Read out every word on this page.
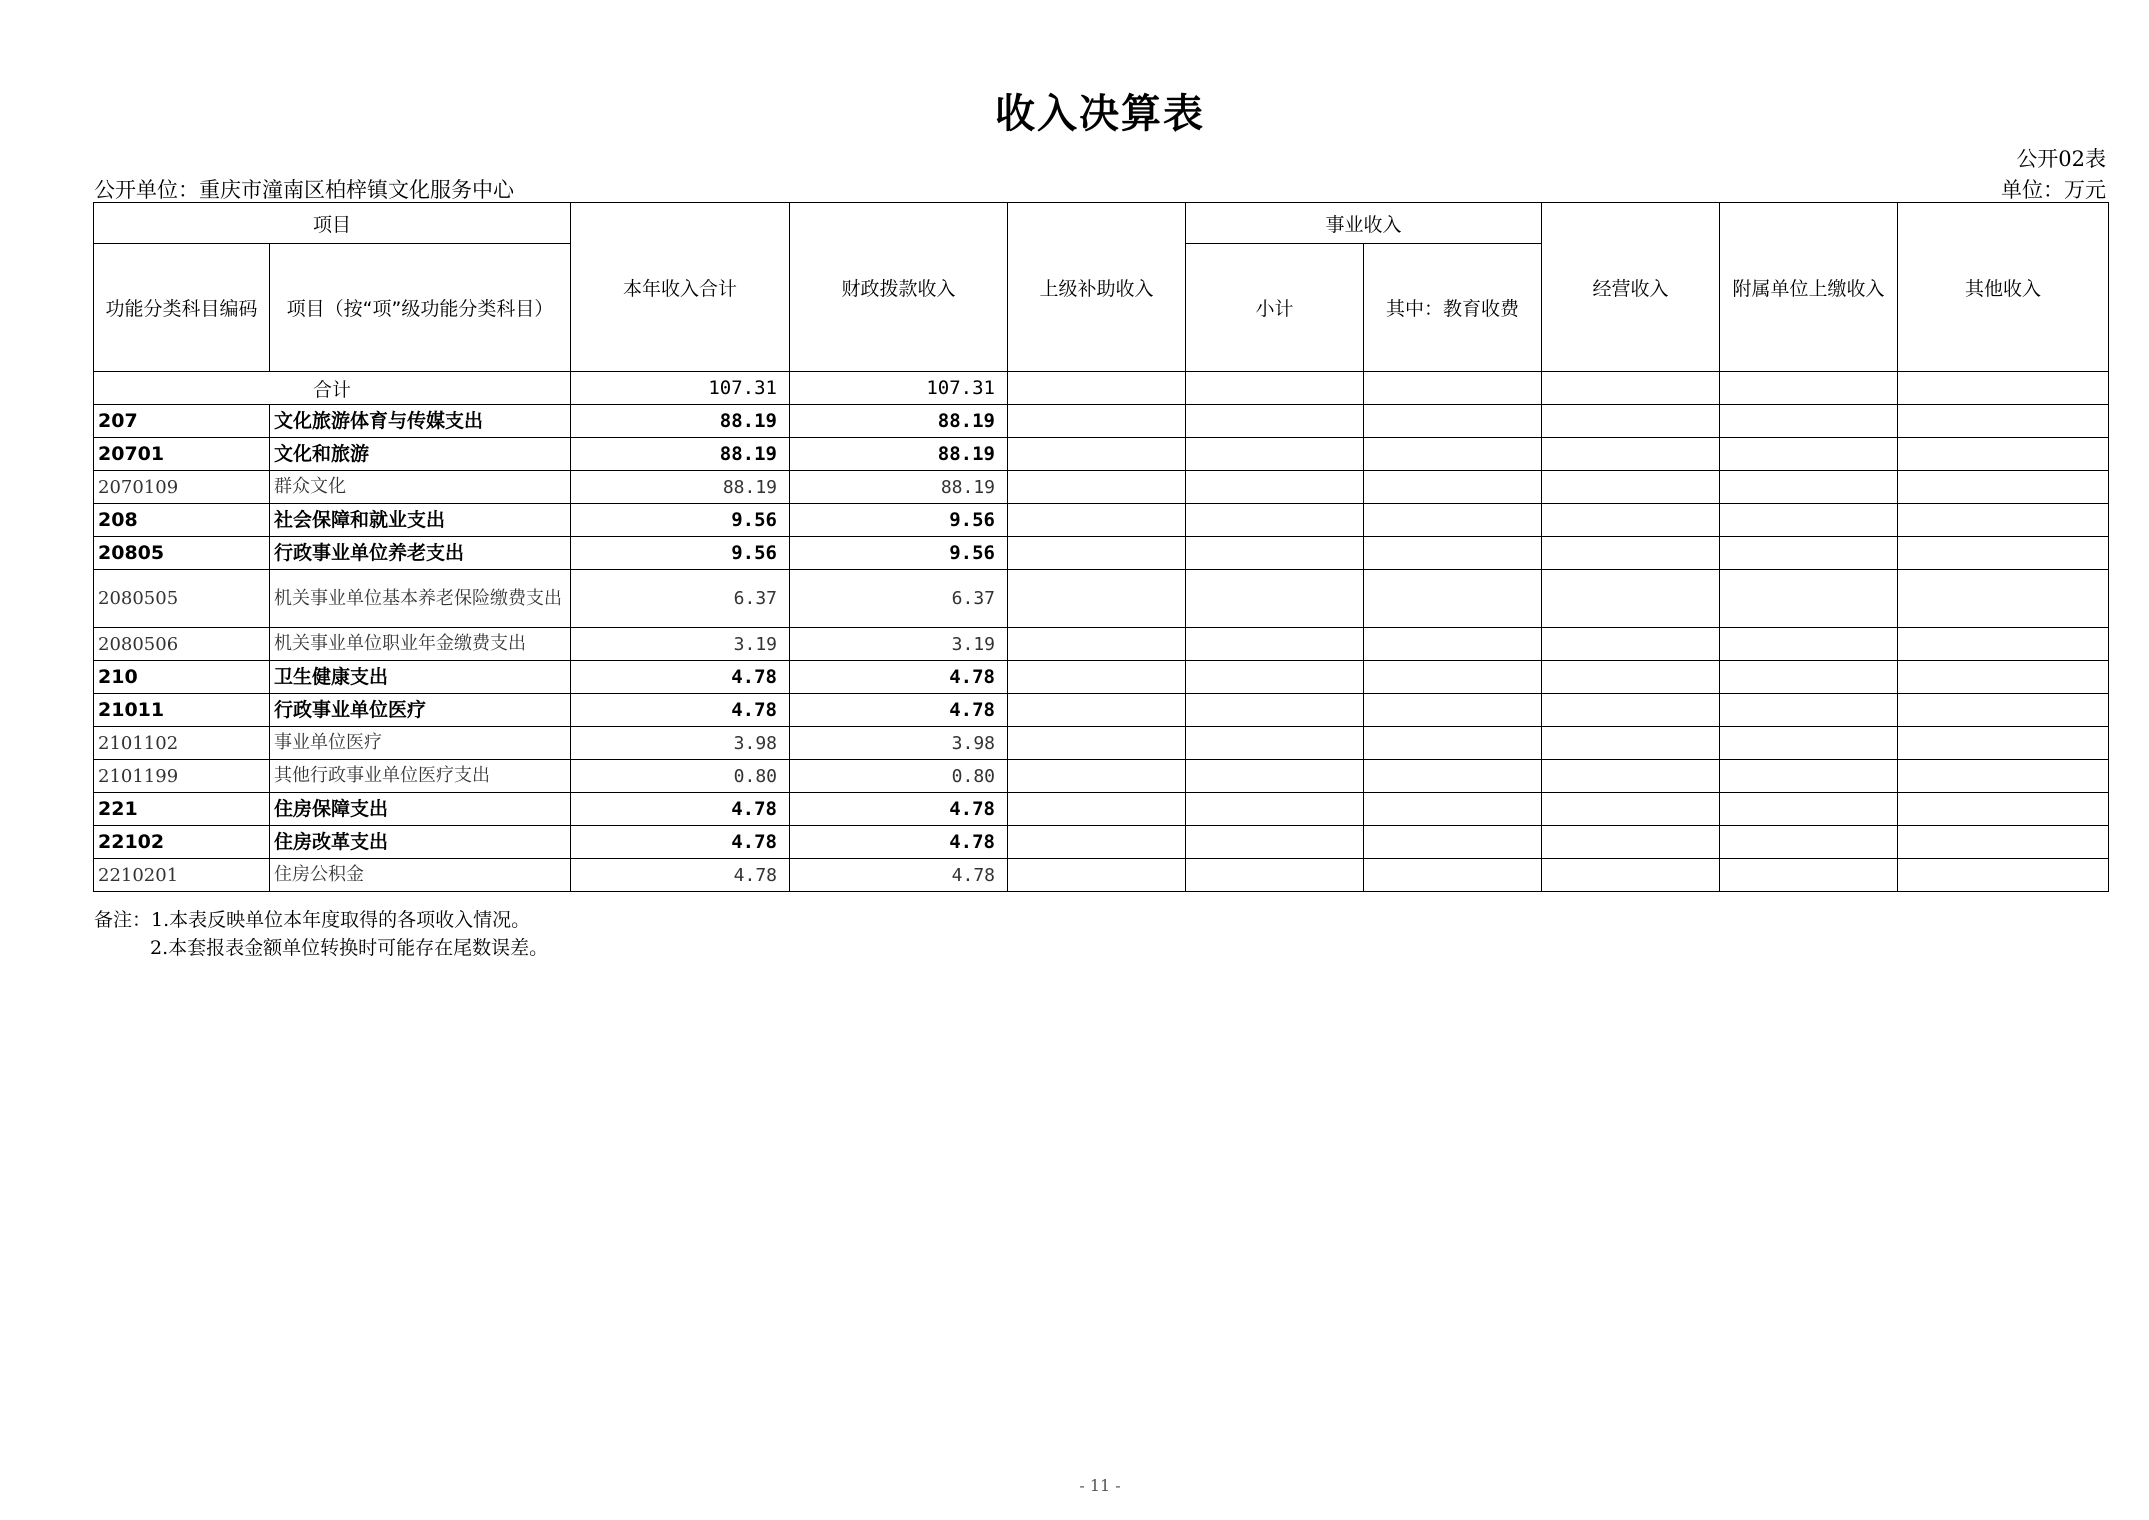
收入决算表
公开02表
公开单位：重庆市潼南区柏梓镇文化服务中心	单位：万元
项目		本年收入合计	财政拨款收入	上级补助收入	事业收入		经营收入	附属单位上缴收入	其他收入
功能分类科目编码	项目（按“项”级功能分类科目）				小计	其中：教育收费			
合计		107.31	107.31						
207	文化旅游体育与传媒支出	88.19	88.19						
20701	文化和旅游	88.19	88.19						
2070109	群众文化	88.19	88.19						
208	社会保障和就业支出	9.56	9.56						
20805	行政事业单位养老支出	9.56	9.56						
2080505	机关事业单位基本养老保险缴费支出	6.37	6.37						
2080506	机关事业单位职业年金缴费支出	3.19	3.19						
210	卫生健康支出	4.78	4.78						
21011	行政事业单位医疗	4.78	4.78						
2101102	事业单位医疗	3.98	3.98						
2101199	其他行政事业单位医疗支出	0.80	0.80						
221	住房保障支出	4.78	4.78						
22102	住房改革支出	4.78	4.78						
2210201	住房公积金	4.78	4.78						
备注：1.本表反映单位本年度取得的各项收入情况。
2.本套报表金额单位转换时可能存在尾数误差。
- 11 -
